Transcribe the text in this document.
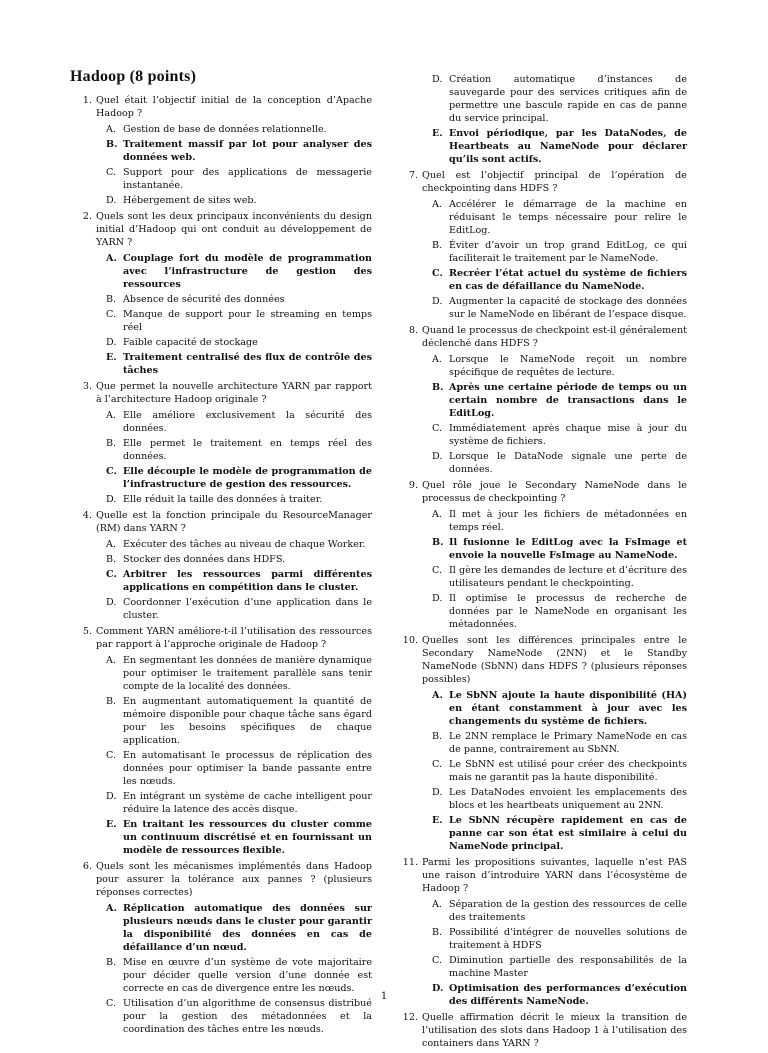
Hadoop (8 points)
1. Quel était l’objectif initial de la conception d’Apache Hadoop ?
A. Gestion de base de données relationnelle.
B. Traitement massif par lot pour analyser des données web.
C. Support pour des applications de messagerie instantanée.
D. Hébergement de sites web.
2. Quels sont les deux principaux inconvénients du design initial d’Hadoop qui ont conduit au développement de YARN ?
A. Couplage fort du modèle de programmation avec l’infrastructure de gestion des ressources
B. Absence de sécurité des données
C. Manque de support pour le streaming en temps réel
D. Faible capacité de stockage
E. Traitement centralisé des flux de contrôle des tâches
3. Que permet la nouvelle architecture YARN par rapport à l’architecture Hadoop originale ?
A. Elle améliore exclusivement la sécurité des données.
B. Elle permet le traitement en temps réel des données.
C. Elle découple le modèle de programmation de l’infrastructure de gestion des ressources.
D. Elle réduit la taille des données à traiter.
4. Quelle est la fonction principale du ResourceManager (RM) dans YARN ?
A. Exécuter des tâches au niveau de chaque Worker.
B. Stocker des données dans HDFS.
C. Arbitrer les ressources parmi différentes applications en compétition dans le cluster.
D. Coordonner l’exécution d’une application dans le cluster.
5. Comment YARN améliore-t-il l’utilisation des ressources par rapport à l’approche originale de Hadoop ?
A. En segmentant les données de manière dynamique pour optimiser le traitement parallèle sans tenir compte de la localité des données.
B. En augmentant automatiquement la quantité de mémoire disponible pour chaque tâche sans égard pour les besoins spécifiques de chaque application.
C. En automatisant le processus de réplication des données pour optimiser la bande passante entre les nœuds.
D. En intégrant un système de cache intelligent pour réduire la latence des accès disque.
E. En traitant les ressources du cluster comme un continuum discrétisé et en fournissant un modèle de ressources flexible.
6. Quels sont les mécanismes implémentés dans Hadoop pour assurer la tolérance aux pannes ? (plusieurs réponses correctes)
A. Réplication automatique des données sur plusieurs nœuds dans le cluster pour garantir la disponibilité des données en cas de défaillance d’un nœud.
B. Mise en œuvre d’un système de vote majoritaire pour décider quelle version d’une donnée est correcte en cas de divergence entre les nœuds.
C. Utilisation d’un algorithme de consensus distribué pour la gestion des métadonnées et la coordination des tâches entre les nœuds.
D. Création automatique d’instances de sauvegarde pour des services critiques afin de permettre une bascule rapide en cas de panne du service principal.
E. Envoi périodique, par les DataNodes, de Heartbeats au NameNode pour déclarer qu’ils sont actifs.
7. Quel est l’objectif principal de l’opération de checkpointing dans HDFS ?
A. Accélérer le démarrage de la machine en réduisant le temps nécessaire pour relire le EditLog.
B. Éviter d’avoir un trop grand EditLog, ce qui faciliterait le traitement par le NameNode.
C. Recréer l’état actuel du système de fichiers en cas de défaillance du NameNode.
D. Augmenter la capacité de stockage des données sur le NameNode en libérant de l’espace disque.
8. Quand le processus de checkpoint est-il généralement déclenché dans HDFS ?
A. Lorsque le NameNode reçoit un nombre spécifique de requêtes de lecture.
B. Après une certaine période de temps ou un certain nombre de transactions dans le EditLog.
C. Immédiatement après chaque mise à jour du système de fichiers.
D. Lorsque le DataNode signale une perte de données.
9. Quel rôle joue le Secondary NameNode dans le processus de checkpointing ?
A. Il met à jour les fichiers de métadonnées en temps réel.
B. Il fusionne le EditLog avec la FsImage et envoie la nouvelle FsImage au NameNode.
C. Il gère les demandes de lecture et d’écriture des utilisateurs pendant le checkpointing.
D. Il optimise le processus de recherche de données par le NameNode en organisant les métadonnées.
10. Quelles sont les différences principales entre le Secondary NameNode (2NN) et le Standby NameNode (SbNN) dans HDFS ? (plusieurs réponses possibles)
A. Le SbNN ajoute la haute disponibilité (HA) en étant constamment à jour avec les changements du système de fichiers.
B. Le 2NN remplace le Primary NameNode en cas de panne, contrairement au SbNN.
C. Le SbNN est utilisé pour créer des checkpoints mais ne garantit pas la haute disponibilité.
D. Les DataNodes envoient les emplacements des blocs et les heartbeats uniquement au 2NN.
E. Le SbNN récupère rapidement en cas de panne car son état est similaire à celui du NameNode principal.
11. Parmi les propositions suivantes, laquelle n’est PAS une raison d’introduire YARN dans l’écosystème de Hadoop ?
A. Séparation de la gestion des ressources de celle des traitements
B. Possibilité d’intégrer de nouvelles solutions de traitement à HDFS
C. Diminution partielle des responsabilités de la machine Master
D. Optimisation des performances d’exécution des différents NameNode.
12. Quelle affirmation décrit le mieux la transition de l’utilisation des slots dans Hadoop 1 à l’utilisation des containers dans YARN ?
1
